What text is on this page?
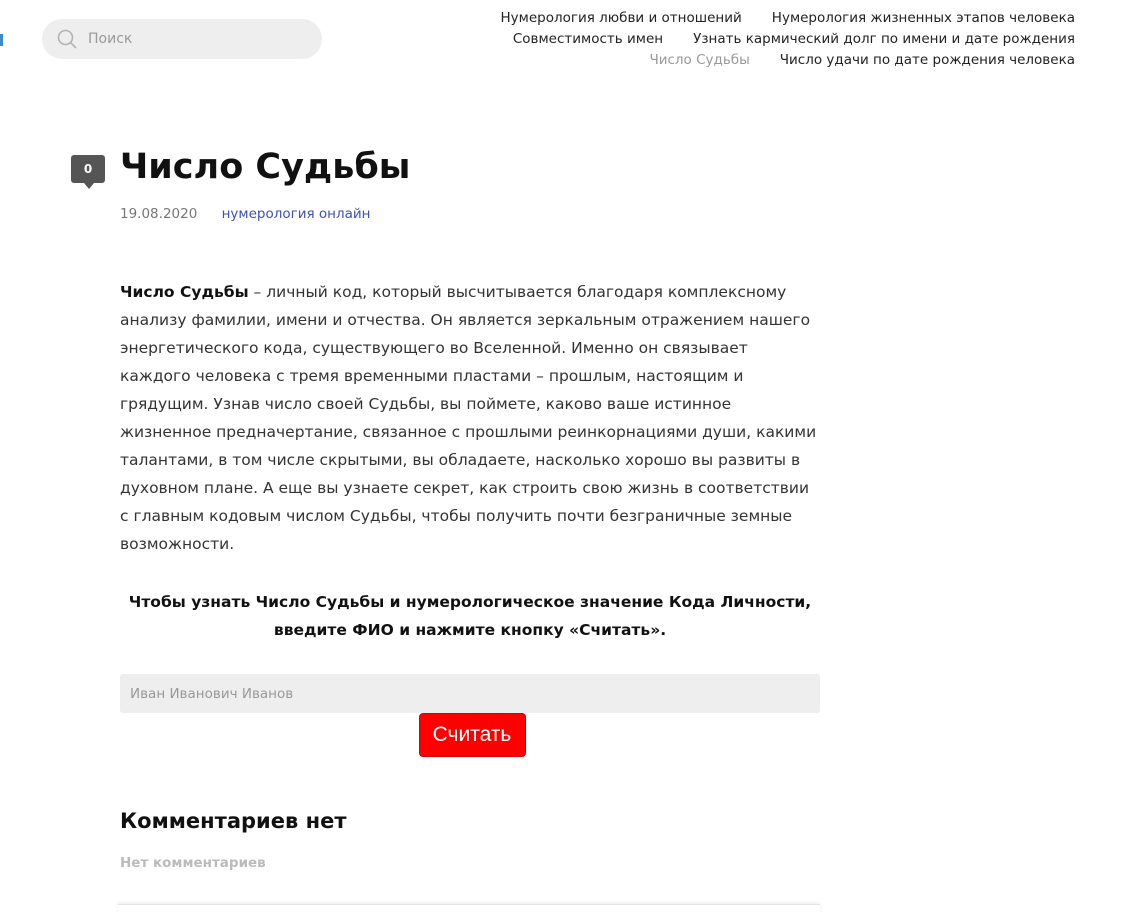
Поиск
Нумерология любви и отношений Нумерология жизненных этапов человека
Совместимость имен Узнать кармический долг по имени и дате рождения
Число Судьбы Число удачи по дате рождения человека
0 Число Судьбы
19.08.2020 нумерология онлайн

Число Судьбы – личный код, который высчитывается благодаря комплексному анализу фамилии, имени и отчества. Он является зеркальным отражением нашего энергетического кода, существующего во Вселенной. Именно он связывает каждого человека с тремя временными пластами – прошлым, настоящим и грядущим. Узнав число своей Судьбы, вы поймете, каково ваше истинное жизненное предначертание, связанное с прошлыми реинкорнациями души, какими талантами, в том числе скрытыми, вы обладаете, насколько хорошо вы развиты в духовном плане. А еще вы узнаете секрет, как строить свою жизнь в соответствии с главным кодовым числом Судьбы, чтобы получить почти безграничные земные возможности.

Чтобы узнать Число Судьбы и нумерологическое значение Кода Личности,
введите ФИО и нажмите кнопку «Считать».
Иван Иванович Иванов
Считать
Комментариев нет
Нет комментариев
